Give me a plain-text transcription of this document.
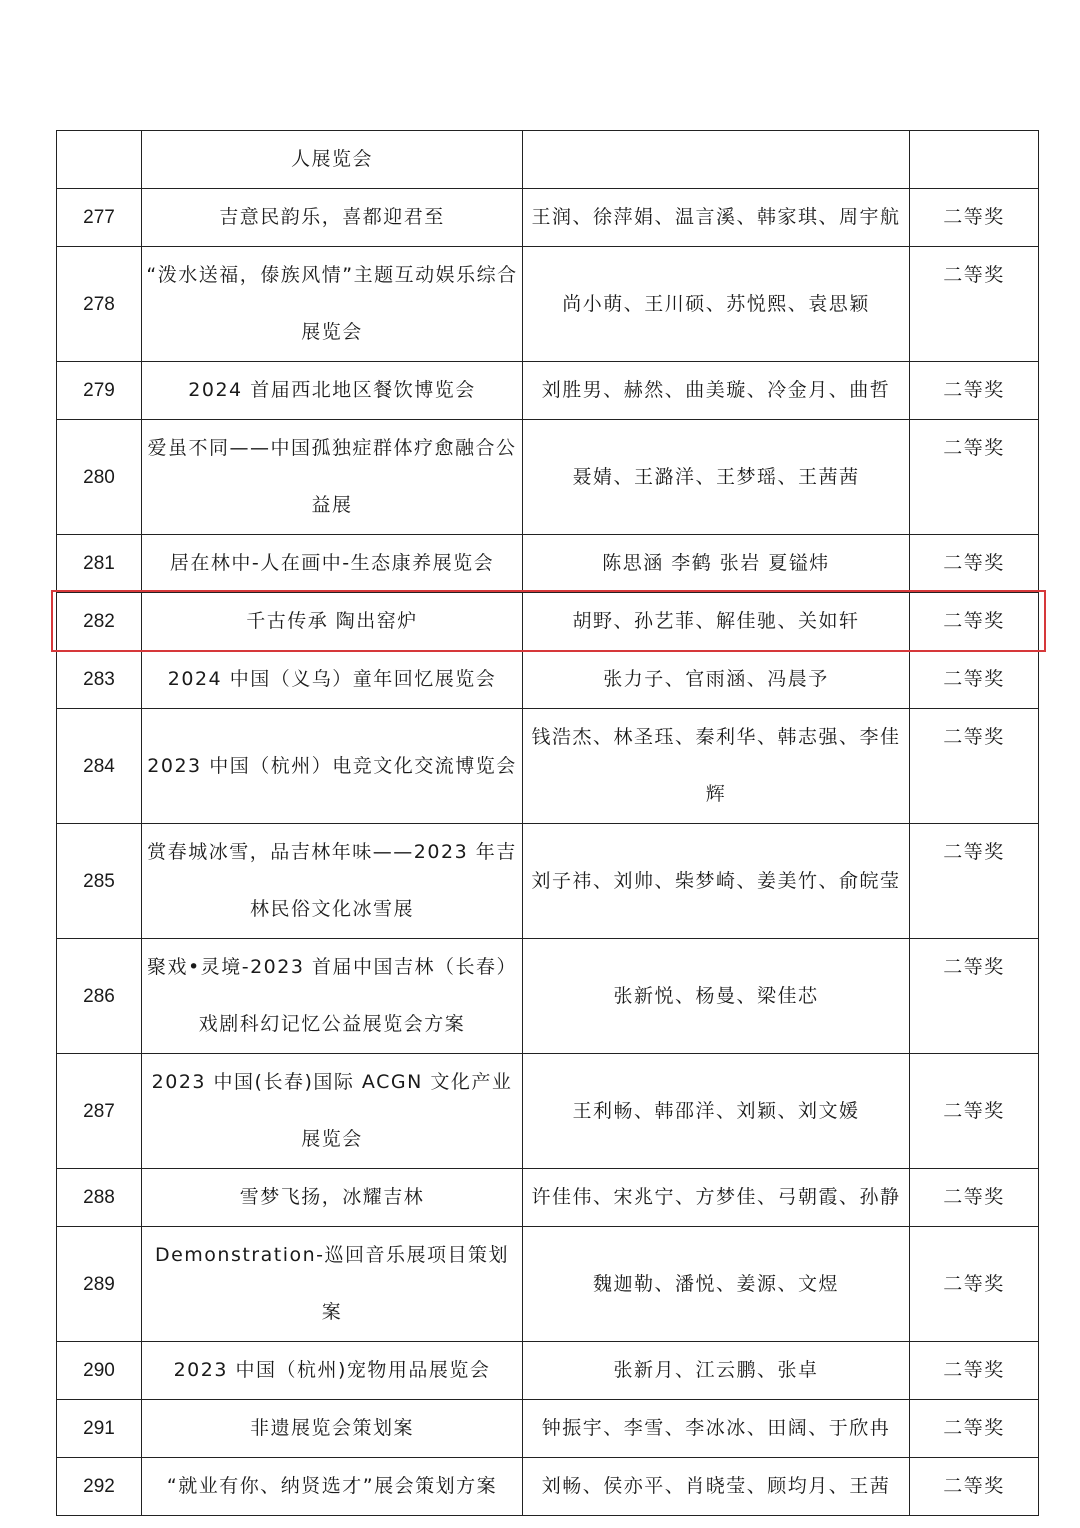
	人展览会		
277	吉意民韵乐，喜都迎君至	王润、徐萍娟、温言溪、韩家琪、周宇航	二等奖
278	“泼水送福，傣族风情”主题互动娱乐综合展览会	尚小萌、王川硕、苏悦熙、袁思颖	二等奖
279	2024 首届西北地区餐饮博览会	刘胜男、赫然、曲美璇、冷金月、曲哲	二等奖
280	爱虽不同——中国孤独症群体疗愈融合公益展	聂婧、王潞洋、王梦瑶、王茜茜	二等奖
281	居在林中-人在画中-生态康养展览会	陈思涵 李鹤 张岩 夏镒炜	二等奖
282	千古传承 陶出窑炉	胡野、孙艺菲、解佳驰、关如轩	二等奖
283	2024 中国（义乌）童年回忆展览会	张力子、官雨涵、冯晨予	二等奖
284	2023 中国（杭州）电竞文化交流博览会	钱浩杰、林圣珏、秦利华、韩志强、李佳辉	二等奖
285	赏春城冰雪，品吉林年味——2023 年吉林民俗文化冰雪展	刘子祎、刘帅、柴梦崎、姜美竹、俞皖莹	二等奖
286	聚戏•灵境-2023 首届中国吉林（长春）戏剧科幻记忆公益展览会方案	张新悦、杨曼、梁佳芯	二等奖
287	2023 中国(长春)国际 ACGN 文化产业展览会	王利畅、韩邵洋、刘颖、刘文媛	二等奖
288	雪梦飞扬，冰耀吉林	许佳伟、宋兆宁、方梦佳、弓朝霞、孙静	二等奖
289	Demonstration-巡回音乐展项目策划案	魏迦勒、潘悦、姜源、文煜	二等奖
290	2023 中国（杭州)宠物用品展览会	张新月、江云鹏、张卓	二等奖
291	非遗展览会策划案	钟振宇、李雪、李冰冰、田阔、于欣冉	二等奖
292	“就业有你、纳贤选才”展会策划方案	刘畅、侯亦平、肖晓莹、顾均月、王茜	二等奖
